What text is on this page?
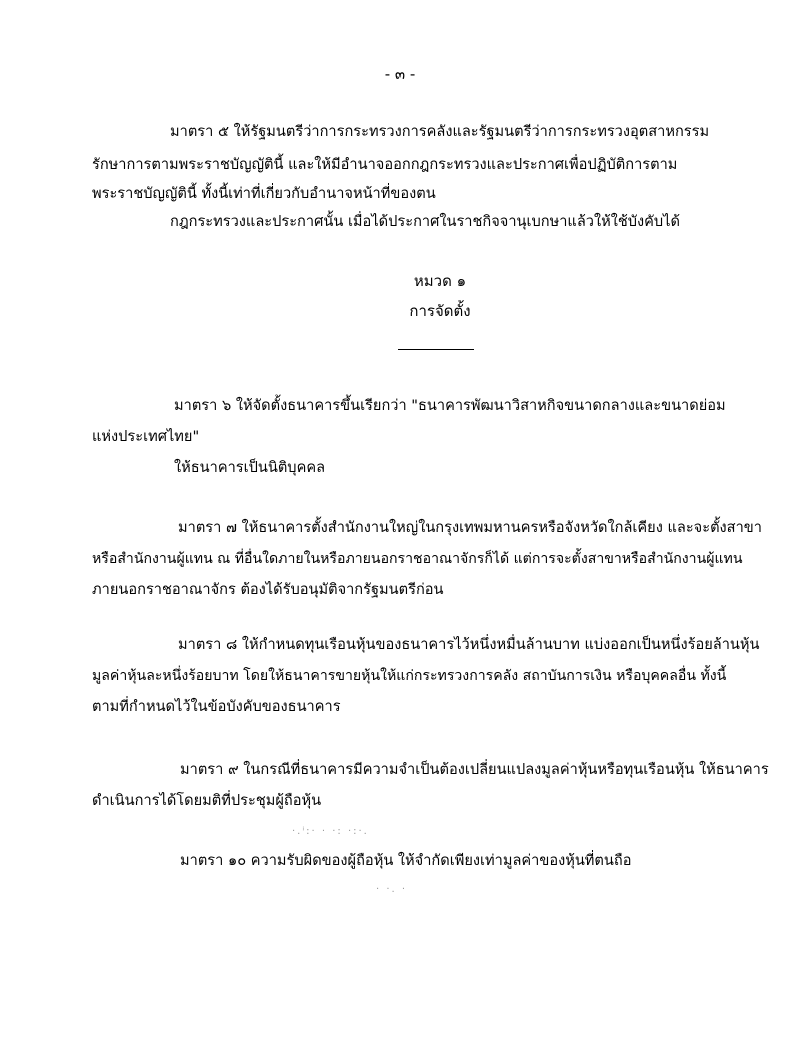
- ๓ -
มาตรา ๕ ให้รัฐมนตรีว่าการกระทรวงการคลังและรัฐมนตรีว่าการกระทรวงอุตสาหกรรม
รักษาการตามพระราชบัญญัตินี้ และให้มีอำนาจออกกฎกระทรวงและประกาศเพื่อปฏิบัติการตาม
พระราชบัญญัตินี้ ทั้งนี้เท่าที่เกี่ยวกับอำนาจหน้าที่ของตน
กฎกระทรวงและประกาศนั้น เมื่อได้ประกาศในราชกิจจานุเบกษาแล้วให้ใช้บังคับได้
หมวด ๑
การจัดตั้ง
มาตรา ๖ ให้จัดตั้งธนาคารขึ้นเรียกว่า "ธนาคารพัฒนาวิสาหกิจขนาดกลางและขนาดย่อม
แห่งประเทศไทย"
ให้ธนาคารเป็นนิติบุคคล
มาตรา ๗ ให้ธนาคารตั้งสำนักงานใหญ่ในกรุงเทพมหานครหรือจังหวัดใกล้เคียง และจะตั้งสาขา
หรือสำนักงานผู้แทน ณ ที่อื่นใดภายในหรือภายนอกราชอาณาจักรก็ได้ แต่การจะตั้งสาขาหรือสำนักงานผู้แทน
ภายนอกราชอาณาจักร ต้องได้รับอนุมัติจากรัฐมนตรีก่อน
มาตรา ๘ ให้กำหนดทุนเรือนหุ้นของธนาคารไว้หนึ่งหมื่นล้านบาท แบ่งออกเป็นหนึ่งร้อยล้านหุ้น
มูลค่าหุ้นละหนึ่งร้อยบาท โดยให้ธนาคารขายหุ้นให้แก่กระทรวงการคลัง สถาบันการเงิน หรือบุคคลอื่น ทั้งนี้
ตามที่กำหนดไว้ในข้อบังคับของธนาคาร
มาตรา ๙ ในกรณีที่ธนาคารมีความจำเป็นต้องเปลี่ยนแปลงมูลค่าหุ้นหรือทุนเรือนหุ้น ให้ธนาคาร
ดำเนินการได้โดยมติที่ประชุมผู้ถือหุ้น
·.ⁱ:· · ·: ·:·.
มาตรา ๑๐ ความรับผิดของผู้ถือหุ้น ให้จำกัดเพียงเท่ามูลค่าของหุ้นที่ตนถือ
· ·. ·
